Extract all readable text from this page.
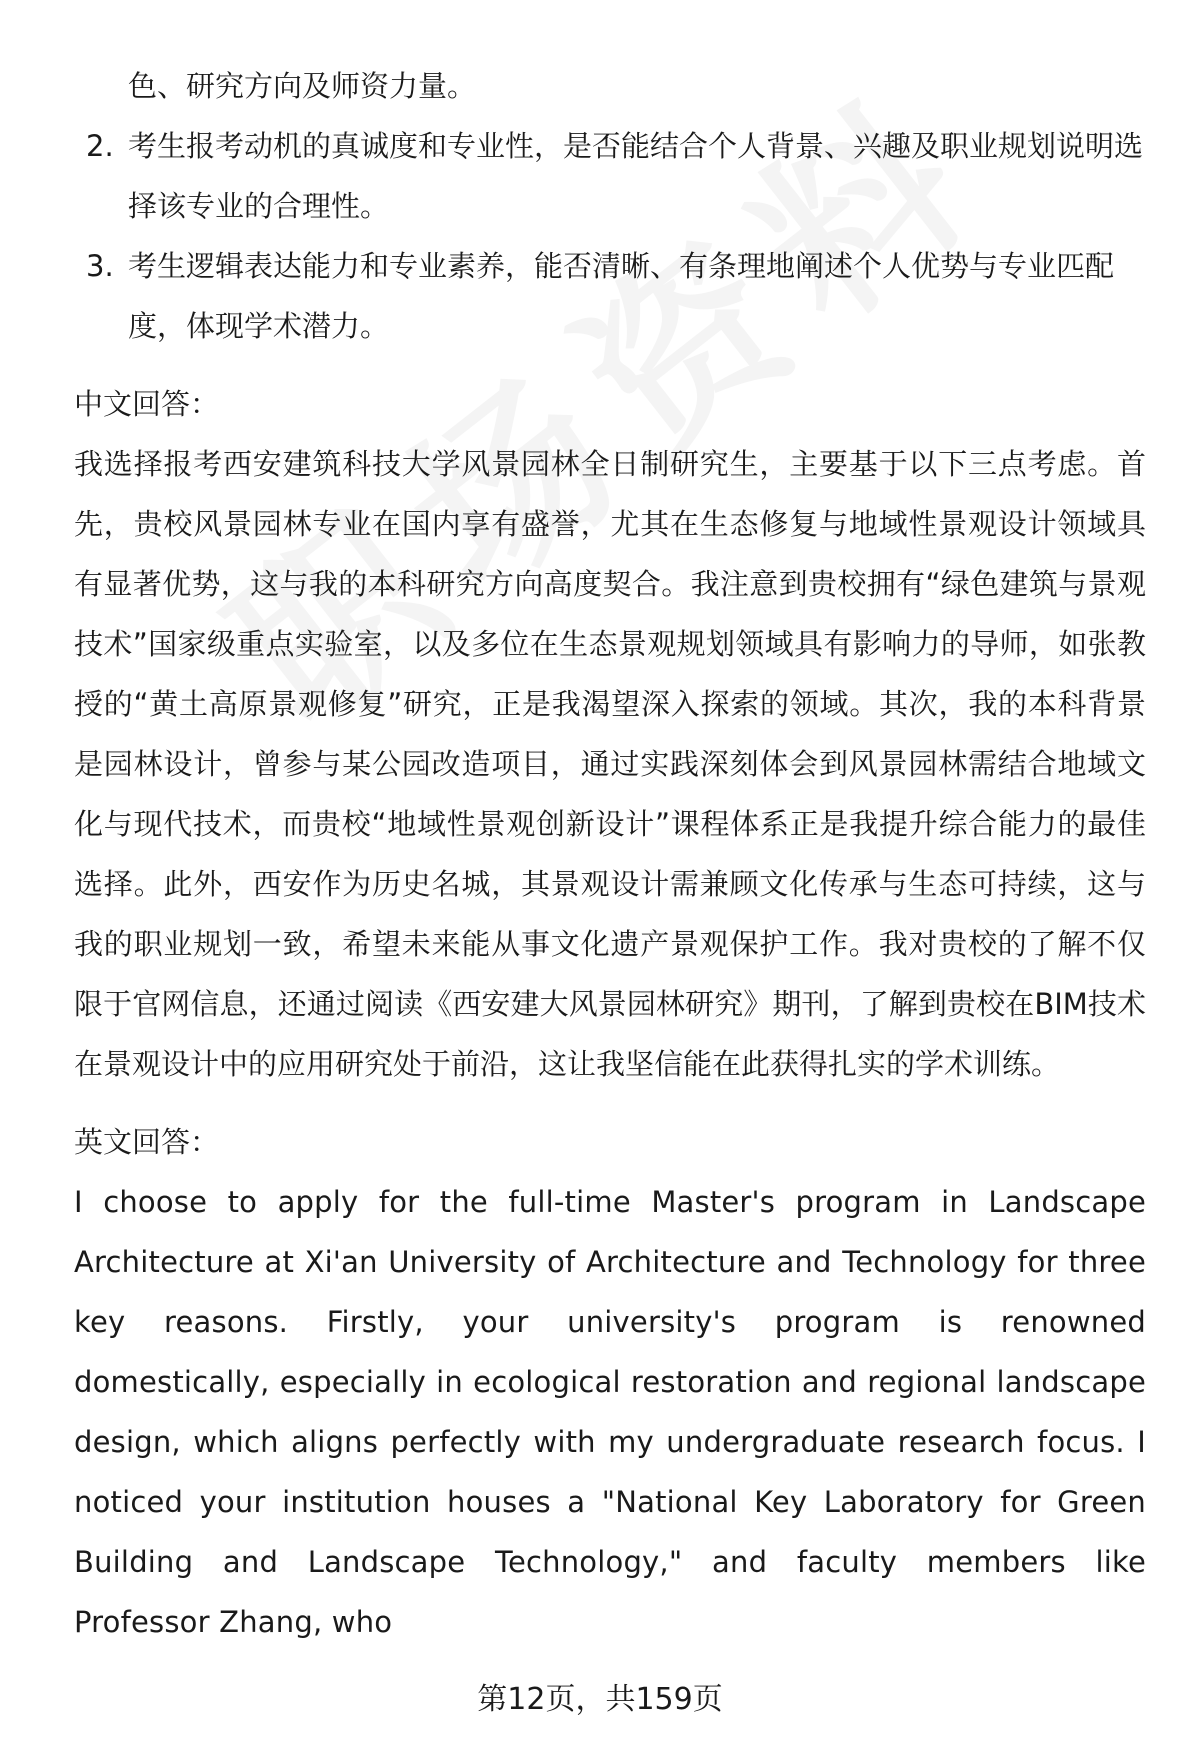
色、研究方向及师资力量。
2. 考生报考动机的真诚度和专业性，是否能结合个人背景、兴趣及职业规划说明选择该专业的合理性。
3. 考生逻辑表达能力和专业素养，能否清晰、有条理地阐述个人优势与专业匹配度，体现学术潜力。
中文回答：
我选择报考西安建筑科技大学风景园林全日制研究生，主要基于以下三点考虑。首先，贵校风景园林专业在国内享有盛誉，尤其在生态修复与地域性景观设计领域具有显著优势，这与我的本科研究方向高度契合。我注意到贵校拥有“绿色建筑与景观技术”国家级重点实验室，以及多位在生态景观规划领域具有影响力的导师，如张教授的“黄土高原景观修复”研究，正是我渴望深入探索的领域。其次，我的本科背景是园林设计，曾参与某公园改造项目，通过实践深刻体会到风景园林需结合地域文化与现代技术，而贵校“地域性景观创新设计”课程体系正是我提升综合能力的最佳选择。此外，西安作为历史名城，其景观设计需兼顾文化传承与生态可持续，这与我的职业规划一致，希望未来能从事文化遗产景观保护工作。我对贵校的了解不仅限于官网信息，还通过阅读《西安建大风景园林研究》期刊，了解到贵校在BIM技术在景观设计中的应用研究处于前沿，这让我坚信能在此获得扎实的学术训练。
英文回答：
I choose to apply for the full-time Master's program in Landscape Architecture at Xi'an University of Architecture and Technology for three key reasons. Firstly, your university's program is renowned domestically, especially in ecological restoration and regional landscape design, which aligns perfectly with my undergraduate research focus. I noticed your institution houses a "National Key Laboratory for Green Building and Landscape Technology," and faculty members like Professor Zhang, who
第12页，共159页
